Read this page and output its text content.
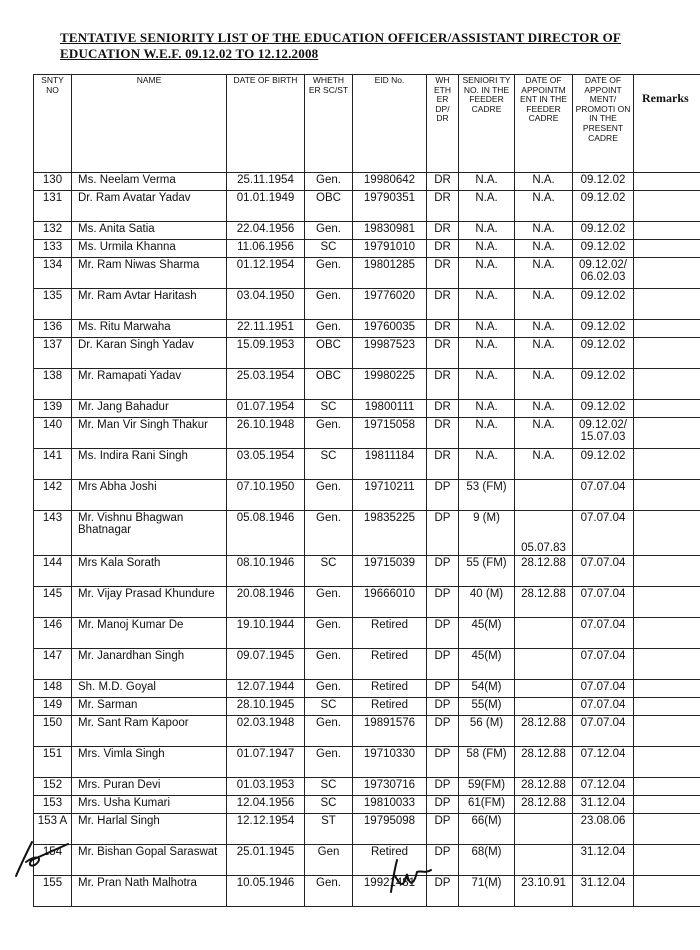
TENTATIVE SENIORITY LIST OF THE EDUCATION OFFICER/ASSISTANT DIRECTOR OF
EDUCATION W.E.F. 09.12.02 TO 12.12.2008
SNTY NO	NAME	DATE OF BIRTH	WHETH ER SC/ST	EID No.	WH ETH ER DP/ DR	SENIORI TY NO. IN THE FEEDER CADRE	DATE OF APPOINTM ENT IN THE FEEDER CADRE	DATE OF APPOINT MENT/ PROMOTI ON IN THE PRESENT CADRE	Remarks
130	Ms. Neelam Verma	25.11.1954	Gen.	19980642	DR	N.A.	N.A.	09.12.02	
131	Dr. Ram Avatar Yadav	01.01.1949	OBC	19790351	DR	N.A.	N.A.	09.12.02	
132	Ms. Anita Satia	22.04.1956	Gen.	19830981	DR	N.A.	N.A.	09.12.02	
133	Ms. Urmila Khanna	11.06.1956	SC	19791010	DR	N.A.	N.A.	09.12.02	
134	Mr. Ram Niwas Sharma	01.12.1954	Gen.	19801285	DR	N.A.	N.A.	09.12.02/ 06.02.03	
135	Mr. Ram Avtar Haritash	03.04.1950	Gen.	19776020	DR	N.A.	N.A.	09.12.02	
136	Ms. Ritu Marwaha	22.11.1951	Gen.	19760035	DR	N.A.	N.A.	09.12.02	
137	Dr. Karan Singh Yadav	15.09.1953	OBC	19987523	DR	N.A.	N.A.	09.12.02	
138	Mr. Ramapati Yadav	25.03.1954	OBC	19980225	DR	N.A.	N.A.	09.12.02	
139	Mr. Jang Bahadur	01.07.1954	SC	19800111	DR	N.A.	N.A.	09.12.02	
140	Mr. Man Vir Singh Thakur	26.10.1948	Gen.	19715058	DR	N.A.	N.A.	09.12.02/ 15.07.03	
141	Ms. Indira Rani Singh	03.05.1954	SC	19811184	DR	N.A.	N.A.	09.12.02	
142	Mrs Abha Joshi	07.10.1950	Gen.	19710211	DP	53 (FM)		07.07.04	
143	Mr. Vishnu Bhagwan Bhatnagar	05.08.1946	Gen.	19835225	DP	9 (M)	05.07.83	07.07.04	
144	Mrs Kala Sorath	08.10.1946	SC	19715039	DP	55 (FM)	28.12.88	07.07.04	
145	Mr. Vijay Prasad Khundure	20.08.1946	Gen.	19666010	DP	40 (M)	28.12.88	07.07.04	
146	Mr. Manoj Kumar De	19.10.1944	Gen.	Retired	DP	45(M)		07.07.04	
147	Mr. Janardhan Singh	09.07.1945	Gen.	Retired	DP	45(M)		07.07.04	
148	Sh. M.D. Goyal	12.07.1944	Gen.	Retired	DP	54(M)		07.07.04	
149	Mr. Sarman	28.10.1945	SC	Retired	DP	55(M)		07.07.04	
150	Mr. Sant Ram Kapoor	02.03.1948	Gen.	19891576	DP	56 (M)	28.12.88	07.07.04	
151	Mrs. Vimla Singh	01.07.1947	Gen.	19710330	DP	58 (FM)	28.12.88	07.12.04	
152	Mrs. Puran Devi	01.03.1953	SC	19730716	DP	59(FM)	28.12.88	07.12.04	
153	Mrs. Usha Kumari	12.04.1956	SC	19810033	DP	61(FM)	28.12.88	31.12.04	
153 A	Mr. Harlal Singh	12.12.1954	ST	19795098	DP	66(M)		23.08.06	
154	Mr. Bishan Gopal Saraswat	25.01.1945	Gen	Retired	DP	68(M)		31.12.04	
155	Mr. Pran Nath Malhotra	10.05.1946	Gen.	19921481	DP	71(M)	23.10.91	31.12.04	
